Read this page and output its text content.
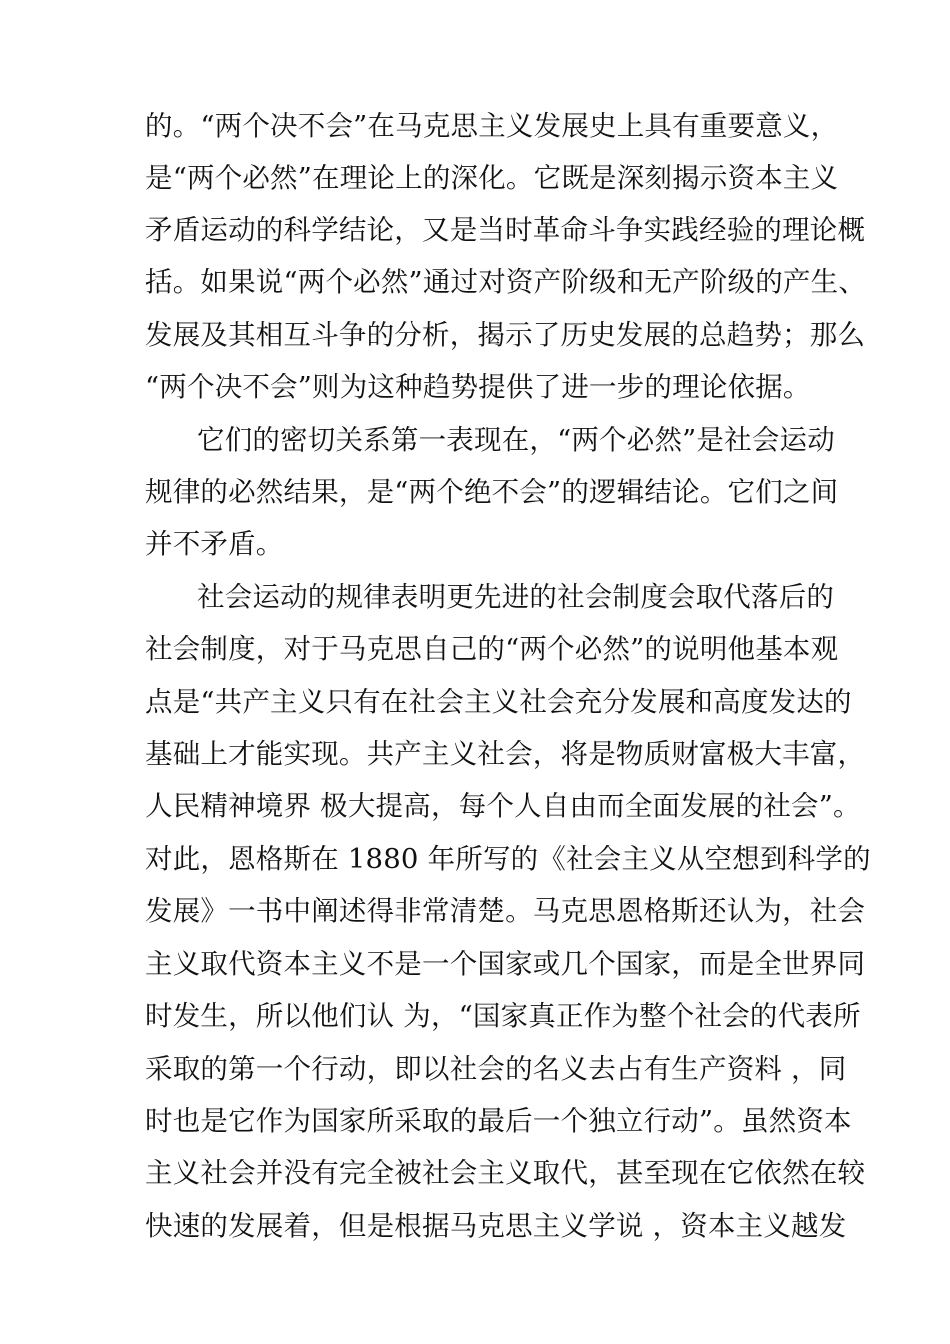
的。“两个决不会”在马克思主义发展史上具有重要意义，
是“两个必然”在理论上的深化。它既是深刻揭示资本主义
矛盾运动的科学结论，又是当时革命斗争实践经验的理论概
括。如果说“两个必然”通过对资产阶级和无产阶级的产生、
发展及其相互斗争的分析，揭示了历史发展的总趋势；那么
“两个决不会”则为这种趋势提供了进一步的理论依据。
它们的密切关系第一表现在，“两个必然”是社会运动
规律的必然结果，是“两个绝不会”的逻辑结论。它们之间
并不矛盾。
社会运动的规律表明更先进的社会制度会取代落后的
社会制度，对于马克思自己的“两个必然”的说明他基本观
点是“共产主义只有在社会主义社会充分发展和高度发达的
基础上才能实现。共产主义社会，将是物质财富极大丰富，
人民精神境界 极大提高，每个人自由而全面发展的社会”。
对此，恩格斯在 1880 年所写的《社会主义从空想到科学的
发展》一书中阐述得非常清楚。马克思恩格斯还认为，社会
主义取代资本主义不是一个国家或几个国家，而是全世界同
时发生，所以他们认 为，“国家真正作为整个社会的代表所
采取的第一个行动，即以社会的名义去占有生产资料 ，同
时也是它作为国家所采取的最后一个独立行动”。虽然资本
主义社会并没有完全被社会主义取代，甚至现在它依然在较
快速的发展着，但是根据马克思主义学说 ，资本主义越发
